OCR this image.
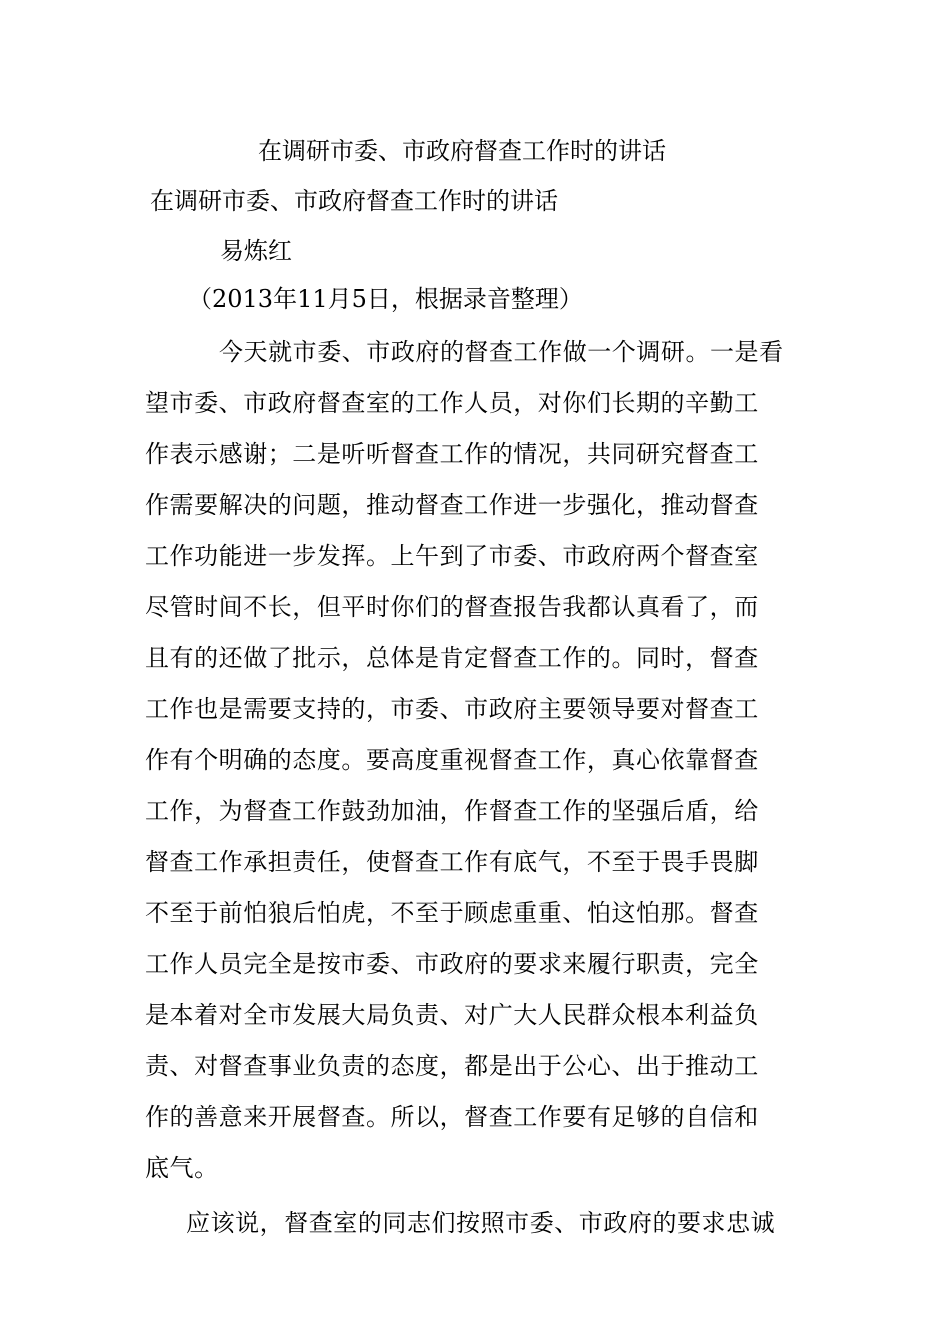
在调研市委、市政府督查工作时的讲话

在调研市委、市政府督查工作时的讲话

易炼红

（2013年11月5日，根据录音整理）

今天就市委、市政府的督查工作做一个调研。一是看
望市委、市政府督查室的工作人员，对你们长期的辛勤工
作表示感谢；二是听听督查工作的情况，共同研究督查工
作需要解决的问题，推动督查工作进一步强化，推动督查
工作功能进一步发挥。上午到了市委、市政府两个督查室
尽管时间不长，但平时你们的督查报告我都认真看了，而
且有的还做了批示，总体是肯定督查工作的。同时，督查
工作也是需要支持的，市委、市政府主要领导要对督查工
作有个明确的态度。要高度重视督查工作，真心依靠督查
工作，为督查工作鼓劲加油，作督查工作的坚强后盾，给
督查工作承担责任，使督查工作有底气，不至于畏手畏脚
不至于前怕狼后怕虎，不至于顾虑重重、怕这怕那。督查
工作人员完全是按市委、市政府的要求来履行职责，完全
是本着对全市发展大局负责、对广大人民群众根本利益负
责、对督查事业负责的态度，都是出于公心、出于推动工
作的善意来开展督查。所以，督查工作要有足够的自信和
底气。

应该说，督查室的同志们按照市委、市政府的要求忠诚
